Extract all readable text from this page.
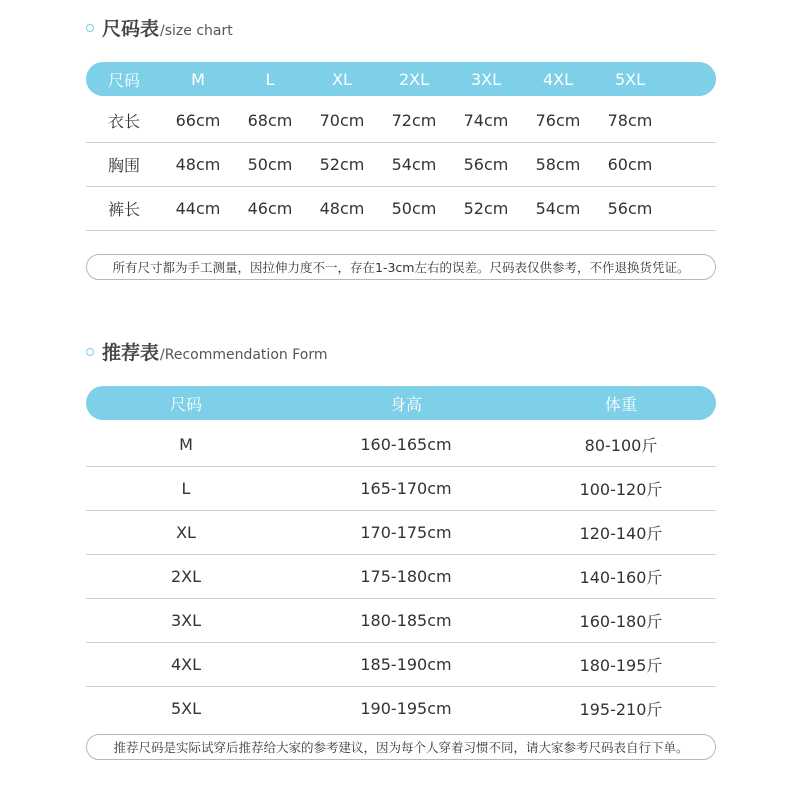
尺码表 /size chart
尺码	M	L	XL	2XL	3XL	4XL	5XL
衣长	66cm	68cm	70cm	72cm	74cm	76cm	78cm
胸围	48cm	50cm	52cm	54cm	56cm	58cm	60cm
裤长	44cm	46cm	48cm	50cm	52cm	54cm	56cm
所有尺寸都为手工测量，因拉伸力度不一，存在1-3cm左右的误差。尺码表仅供参考，不作退换货凭证。
推荐表 /Recommendation Form
尺码	身高	体重
M	160-165cm	80-100斤
L	165-170cm	100-120斤
XL	170-175cm	120-140斤
2XL	175-180cm	140-160斤
3XL	180-185cm	160-180斤
4XL	185-190cm	180-195斤
5XL	190-195cm	195-210斤
推荐尺码是实际试穿后推荐给大家的参考建议，因为每个人穿着习惯不同，请大家参考尺码表自行下单。
